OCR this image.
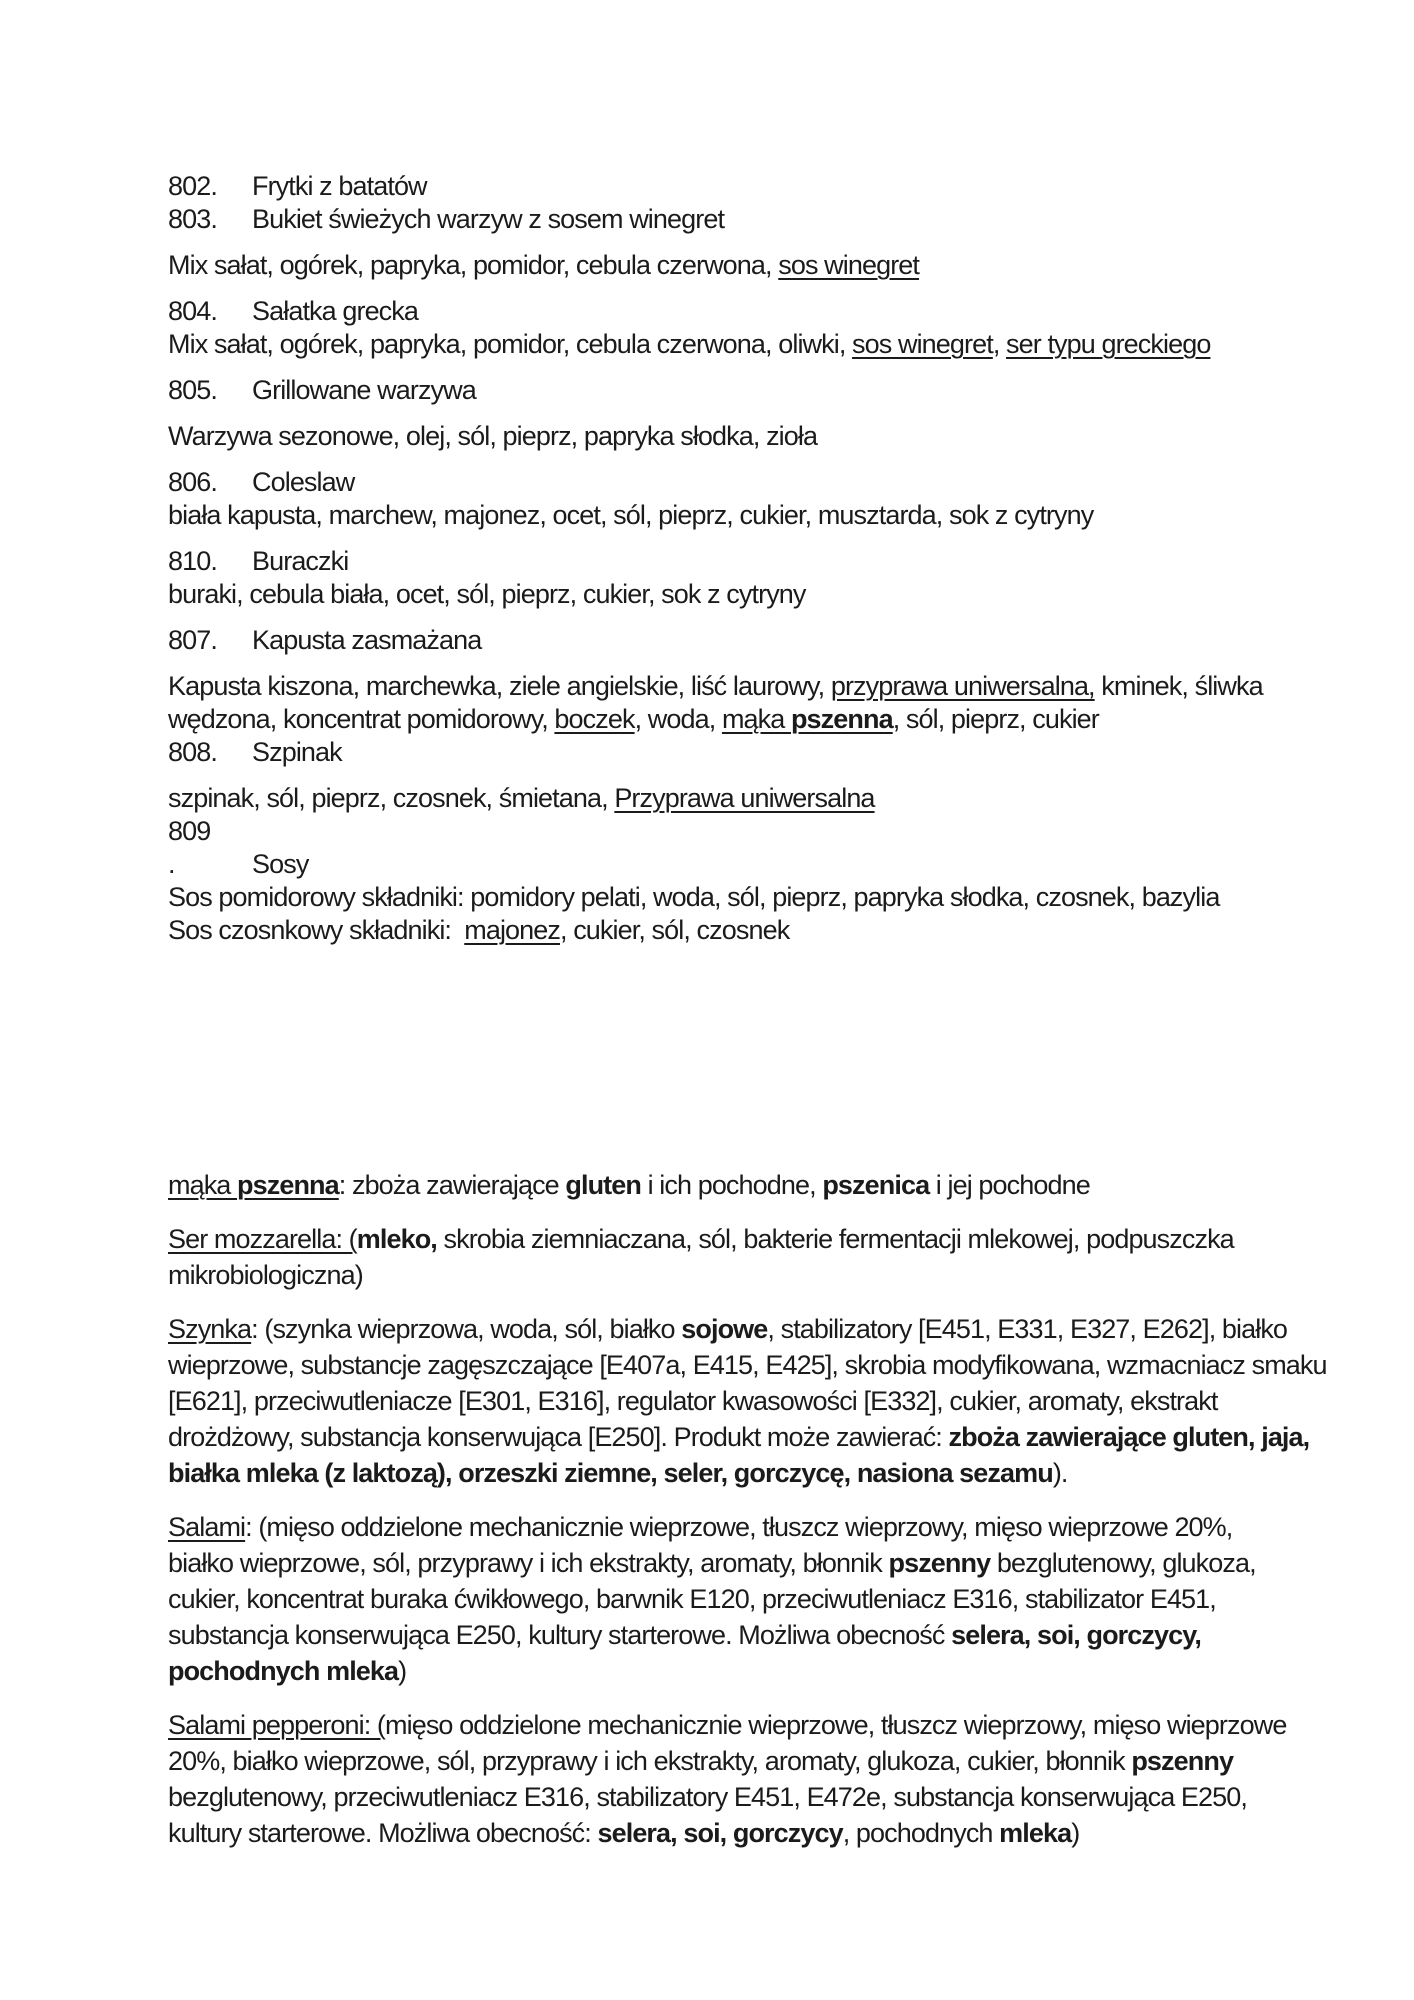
802. Frytki z batatów
803. Bukiet świeżych warzyw z sosem winegret
Mix sałat, ogórek, papryka, pomidor, cebula czerwona, sos winegret
804. Sałatka grecka
Mix sałat, ogórek, papryka, pomidor, cebula czerwona, oliwki, sos winegret, ser typu greckiego
805. Grillowane warzywa
Warzywa sezonowe, olej, sól, pieprz, papryka słodka, zioła
806. Coleslaw
biała kapusta, marchew, majonez, ocet, sól, pieprz, cukier, musztarda, sok z cytryny
810. Buraczki
buraki, cebula biała, ocet, sól, pieprz, cukier, sok z cytryny
807. Kapusta zasmażana
Kapusta kiszona, marchewka, ziele angielskie, liść laurowy, przyprawa uniwersalna, kminek, śliwka
wędzona, koncentrat pomidorowy, boczek, woda, mąka pszenna, sól, pieprz, cukier
808. Szpinak
szpinak, sól, pieprz, czosnek, śmietana, Przyprawa uniwersalna
809
.	Sosy
Sos pomidorowy składniki: pomidory pelati, woda, sól, pieprz, papryka słodka, czosnek, bazylia
Sos czosnkowy składniki:  majonez, cukier, sól, czosnek
mąka pszenna: zboża zawierające gluten i ich pochodne, pszenica i jej pochodne
Ser mozzarella: (mleko, skrobia ziemniaczana, sól, bakterie fermentacji mlekowej, podpuszczka
mikrobiologiczna)
Szynka: (szynka wieprzowa, woda, sól, białko sojowe, stabilizatory [E451, E331, E327, E262], białko
wieprzowe, substancje zagęszczające [E407a, E415, E425], skrobia modyfikowana, wzmacniacz smaku
[E621], przeciwutleniacze [E301, E316], regulator kwasowości [E332], cukier, aromaty, ekstrakt
drożdżowy, substancja konserwująca [E250]. Produkt może zawierać: zboża zawierające gluten, jaja,
białka mleka (z laktozą), orzeszki ziemne, seler, gorczycę, nasiona sezamu).
Salami: (mięso oddzielone mechanicznie wieprzowe, tłuszcz wieprzowy, mięso wieprzowe 20%,
białko wieprzowe, sól, przyprawy i ich ekstrakty, aromaty, błonnik pszenny bezglutenowy, glukoza,
cukier, koncentrat buraka ćwikłowego, barwnik E120, przeciwutleniacz E316, stabilizator E451,
substancja konserwująca E250, kultury starterowe. Możliwa obecność selera, soi, gorczycy,
pochodnych mleka)
Salami pepperoni: (mięso oddzielone mechanicznie wieprzowe, tłuszcz wieprzowy, mięso wieprzowe
20%, białko wieprzowe, sól, przyprawy i ich ekstrakty, aromaty, glukoza, cukier, błonnik pszenny
bezglutenowy, przeciwutleniacz E316, stabilizatory E451, E472e, substancja konserwująca E250,
kultury starterowe. Możliwa obecność: selera, soi, gorczycy, pochodnych mleka)
